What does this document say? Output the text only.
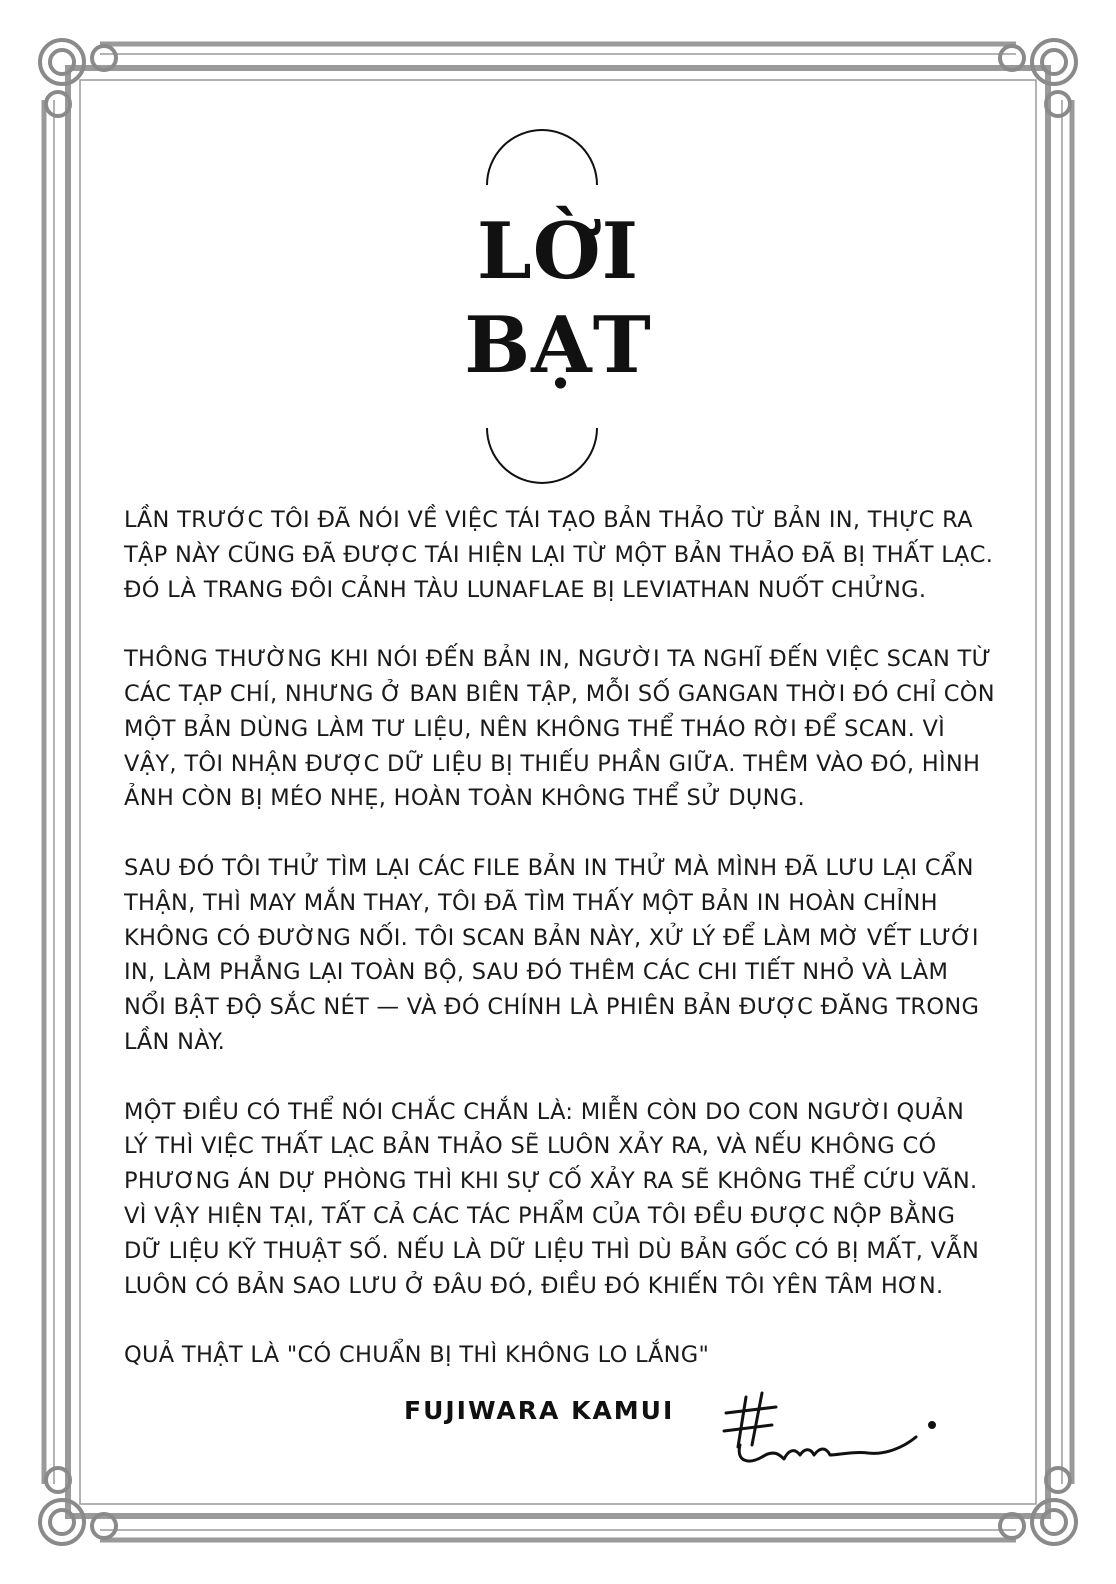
LỜI
BẠT

LẦN TRƯỚC TÔI ĐÃ NÓI VỀ VIỆC TÁI TẠO BẢN THẢO TỪ BẢN IN, THỰC RA
TẬP NÀY CŨNG ĐÃ ĐƯỢC TÁI HIỆN LẠI TỪ MỘT BẢN THẢO ĐÃ BỊ THẤT LẠC.
ĐÓ LÀ TRANG ĐÔI CẢNH TÀU LUNAFLAE BỊ LEVIATHAN NUỐT CHỬNG.

THÔNG THƯỜNG KHI NÓI ĐẾN BẢN IN, NGƯỜI TA NGHĨ ĐẾN VIỆC SCAN TỪ
CÁC TẠP CHÍ, NHƯNG Ở BAN BIÊN TẬP, MỖI SỐ GANGAN THỜI ĐÓ CHỈ CÒN
MỘT BẢN DÙNG LÀM TƯ LIỆU, NÊN KHÔNG THỂ THÁO RỜI ĐỂ SCAN. VÌ
VẬY, TÔI NHẬN ĐƯỢC DỮ LIỆU BỊ THIẾU PHẦN GIỮA. THÊM VÀO ĐÓ, HÌNH
ẢNH CÒN BỊ MÉO NHẸ, HOÀN TOÀN KHÔNG THỂ SỬ DỤNG.

SAU ĐÓ TÔI THỬ TÌM LẠI CÁC FILE BẢN IN THỬ MÀ MÌNH ĐÃ LƯU LẠI CẨN
THẬN, THÌ MAY MẮN THAY, TÔI ĐÃ TÌM THẤY MỘT BẢN IN HOÀN CHỈNH
KHÔNG CÓ ĐƯỜNG NỐI. TÔI SCAN BẢN NÀY, XỬ LÝ ĐỂ LÀM MỜ VẾT LƯỚI
IN, LÀM PHẲNG LẠI TOÀN BỘ, SAU ĐÓ THÊM CÁC CHI TIẾT NHỎ VÀ LÀM
NỔI BẬT ĐỘ SẮC NÉT — VÀ ĐÓ CHÍNH LÀ PHIÊN BẢN ĐƯỢC ĐĂNG TRONG
LẦN NÀY.

MỘT ĐIỀU CÓ THỂ NÓI CHẮC CHẮN LÀ: MIỄN CÒN DO CON NGƯỜI QUẢN
LÝ THÌ VIỆC THẤT LẠC BẢN THẢO SẼ LUÔN XẢY RA, VÀ NẾU KHÔNG CÓ
PHƯƠNG ÁN DỰ PHÒNG THÌ KHI SỰ CỐ XẢY RA SẼ KHÔNG THỂ CỨU VÃN.
VÌ VẬY HIỆN TẠI, TẤT CẢ CÁC TÁC PHẨM CỦA TÔI ĐỀU ĐƯỢC NỘP BẰNG
DỮ LIỆU KỸ THUẬT SỐ. NẾU LÀ DỮ LIỆU THÌ DÙ BẢN GỐC CÓ BỊ MẤT, VẪN
LUÔN CÓ BẢN SAO LƯU Ở ĐÂU ĐÓ, ĐIỀU ĐÓ KHIẾN TÔI YÊN TÂM HƠN.

QUẢ THẬT LÀ "CÓ CHUẨN BỊ THÌ KHÔNG LO LẮNG"

FUJIWARA KAMUI
